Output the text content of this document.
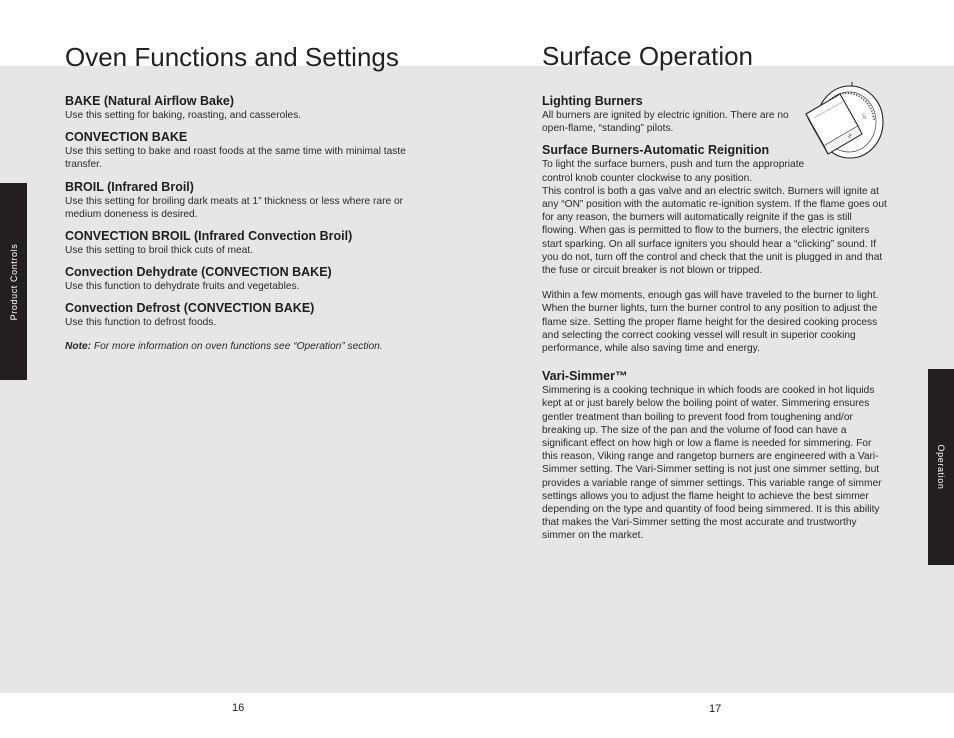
Oven Functions and Settings	Surface Operation

BAKE (Natural Airflow Bake)

Use this setting for baking, roasting, and casseroles.

CONVECTION BAKE

Use this setting to bake and roast foods at the same time with minimal taste transfer.

BROIL (Infrared Broil)

Use this setting for broiling dark meats at 1” thickness or less where rare or medium doneness is desired.

CONVECTION BROIL (Infrared Convection Broil)

Use this setting to broil thick cuts of meat.

Convection Dehydrate (CONVECTION BAKE)

Use this function to dehydrate fruits and vegetables.

Convection Defrost (CONVECTION BAKE)

Use this function to defrost foods.

Note: For more information on oven functions see “Operation” section.

Lighting Burners

All burners are ignited by electric ignition. There are no open-flame, “standing” pilots.

Surface Burners-Automatic Reignition

To light the surface burners, push and turn the appropriate control knob counter clockwise to any position.

This control is both a gas valve and an electric switch. Burners will ignite at any “ON” position with the automatic re-ignition system. If the flame goes out for any reason, the burners will automatically reignite if the gas is still flowing. When gas is permitted to flow to the burners, the electric igniters start sparking. On all surface igniters you should hear a “clicking” sound. If you do not, turn off the control and check that the unit is plugged in and that the fuse or circuit breaker is not blown or tripped.

Within a few moments, enough gas will have traveled to the burner to light. When the burner lights, turn the burner control to any position to adjust the flame size. Setting the proper flame height for the desired cooking process and selecting the correct cooking vessel will result in superior cooking performance, while also saving time and energy.

Vari-Simmer™

Simmering is a cooking technique in which foods are cooked in hot liquids kept at or just barely below the boiling point of water. Simmering ensures gentler treatment than boiling to prevent food from toughening and/or breaking up. The size of the pan and the volume of food can have a significant effect on how high or low a flame is needed for simmering. For this reason, Viking range and rangetop burners are engineered with a Vari-Simmer setting. The Vari-Simmer setting is not just one simmer setting, but provides a variable range of simmer settings. This variable range of simmer settings allows you to adjust the flame height to achieve the best simmer depending on the type and quantity of food being simmered. It is this ability that makes the Vari-Simmer setting the most accurate and trustworthy simmer on the market.

HI
LO
Product Controls
Operation
16	17
